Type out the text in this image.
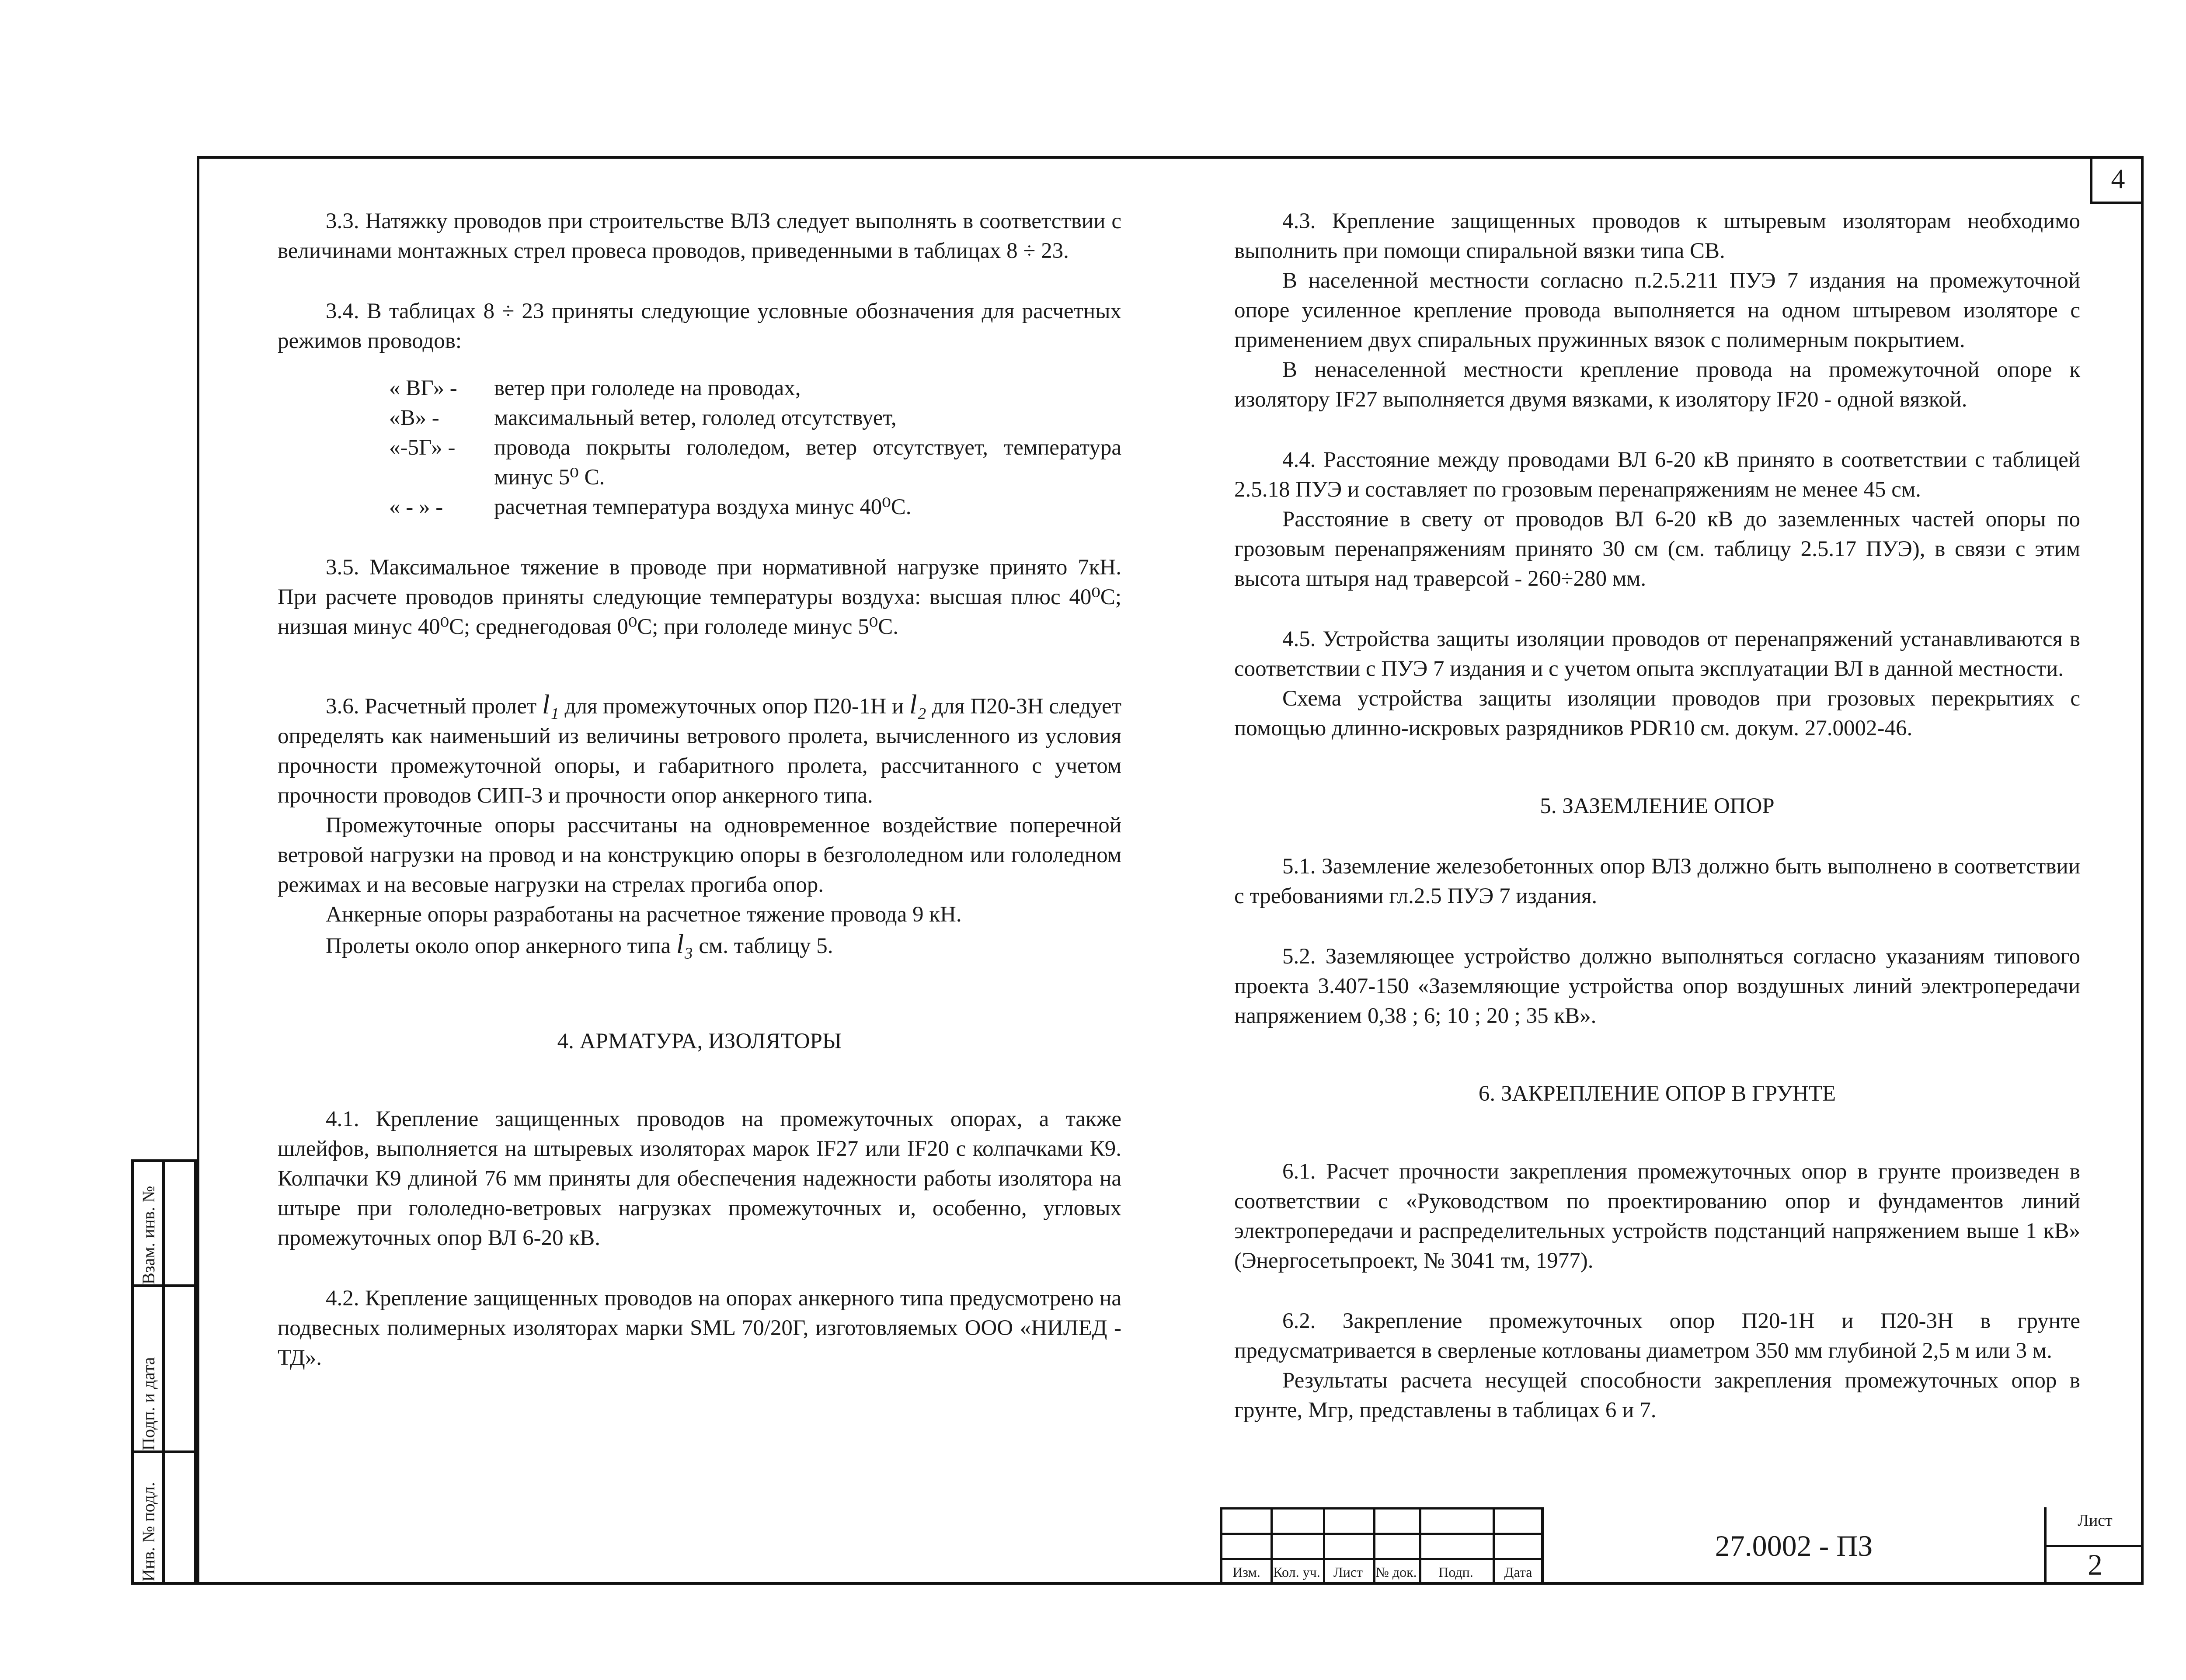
4
Инв. № подл.
Подп. и дата
Взам. инв. №

3.3. Натяжку проводов при строительстве ВЛЗ следует выполнять в соответствии с величинами монтажных стрел провеса проводов, приведенными в таблицах 8 ÷ 23.

3.4. В таблицах 8 ÷ 23 приняты следующие условные обозначения для расчетных режимов проводов:

« ВГ» -	ветер при гололеде на проводах,
«В» -	максимальный ветер, гололед отсутствует,
«-5Г» -	провода покрыты гололедом, ветер отсутствует, температура минус 5⁰ С.
« - » -	расчетная температура воздуха минус 40⁰С.

3.5. Максимальное тяжение в проводе при нормативной нагрузке принято 7кН. При расчете проводов приняты следующие температуры воздуха: высшая плюс 40⁰С; низшая минус 40⁰С; среднегодовая 0⁰С; при гололеде минус 5⁰С.

3.6. Расчетный пролет l₁ для промежуточных опор П20-1Н и l₂ для П20-3Н следует определять как наименьший из величины ветрового пролета, вычисленного из условия прочности промежуточной опоры, и габаритного пролета, рассчитанного с учетом прочности проводов СИП-3 и прочности опор анкерного типа.

Промежуточные опоры рассчитаны на одновременное воздействие поперечной ветровой нагрузки на провод и на конструкцию опоры в безгололедном или гололедном режимах и на весовые нагрузки на стрелах прогиба опор.

Анкерные опоры разработаны на расчетное тяжение провода 9 кН.

Пролеты около опор анкерного типа l₃ см. таблицу 5.

4. АРМАТУРА, ИЗОЛЯТОРЫ

4.1. Крепление защищенных проводов на промежуточных опорах, а также шлейфов, выполняется на штыревых изоляторах марок IF27 или IF20 с колпачками К9. Колпачки К9 длиной 76 мм приняты для обеспечения надежности работы изолятора на штыре при гололедно-ветровых нагрузках промежуточных и, особенно, угловых промежуточных опор ВЛ 6-20 кВ.

4.2. Крепление защищенных проводов на опорах анкерного типа предусмотрено на подвесных полимерных изоляторах марки SML 70/20Г, изготовляемых ООО «НИЛЕД - ТД».

4.3. Крепление защищенных проводов к штыревым изоляторам необходимо выполнить при помощи спиральной вязки типа СВ.

В населенной местности согласно п.2.5.211 ПУЭ 7 издания на промежуточной опоре усиленное крепление провода выполняется на одном штыревом изоляторе с применением двух спиральных пружинных вязок с полимерным покрытием.

В ненаселенной местности крепление провода на промежуточной опоре к изолятору IF27 выполняется двумя вязками, к изолятору IF20 - одной вязкой.

4.4. Расстояние между проводами ВЛ 6-20 кВ принято в соответствии с таблицей 2.5.18 ПУЭ и составляет по грозовым перенапряжениям не менее 45 см.

Расстояние в свету от проводов ВЛ 6-20 кВ до заземленных частей опоры по грозовым перенапряжениям принято 30 см (см. таблицу 2.5.17 ПУЭ), в связи с этим высота штыря над траверсой - 260÷280 мм.

4.5. Устройства защиты изоляции проводов от перенапряжений устанавливаются в соответствии с ПУЭ 7 издания и с учетом опыта эксплуатации ВЛ в данной местности.

Схема устройства защиты изоляции проводов при грозовых перекрытиях с помощью длинно-искровых разрядников PDR10 см. докум. 27.0002-46.

5. ЗАЗЕМЛЕНИЕ ОПОР

5.1. Заземление железобетонных опор ВЛЗ должно быть выполнено в соответствии с требованиями гл.2.5 ПУЭ 7 издания.

5.2. Заземляющее устройство должно выполняться согласно указаниям типового проекта 3.407-150 «Заземляющие устройства опор воздушных линий электропередачи напряжением 0,38 ; 6; 10 ; 20 ; 35 кВ».

6. ЗАКРЕПЛЕНИЕ ОПОР В ГРУНТЕ

6.1. Расчет прочности закрепления промежуточных опор в грунте произведен в соответствии с «Руководством по проектированию опор и фундаментов линий электропередачи и распределительных устройств подстанций напряжением выше 1 кВ» (Энергосетьпроект, № 3041 тм, 1977).

6.2. Закрепление промежуточных опор П20-1Н и П20-3Н в грунте предусматривается в сверленые котлованы диаметром 350 мм глубиной 2,5 м или 3 м.

Результаты расчета несущей способности закрепления промежуточных опор в грунте, Мгр, представлены в таблицах 6 и 7.

Изм. Кол. уч. Лист № док.	Подп.	Дата
27.0002 - ПЗ
Лист
2
